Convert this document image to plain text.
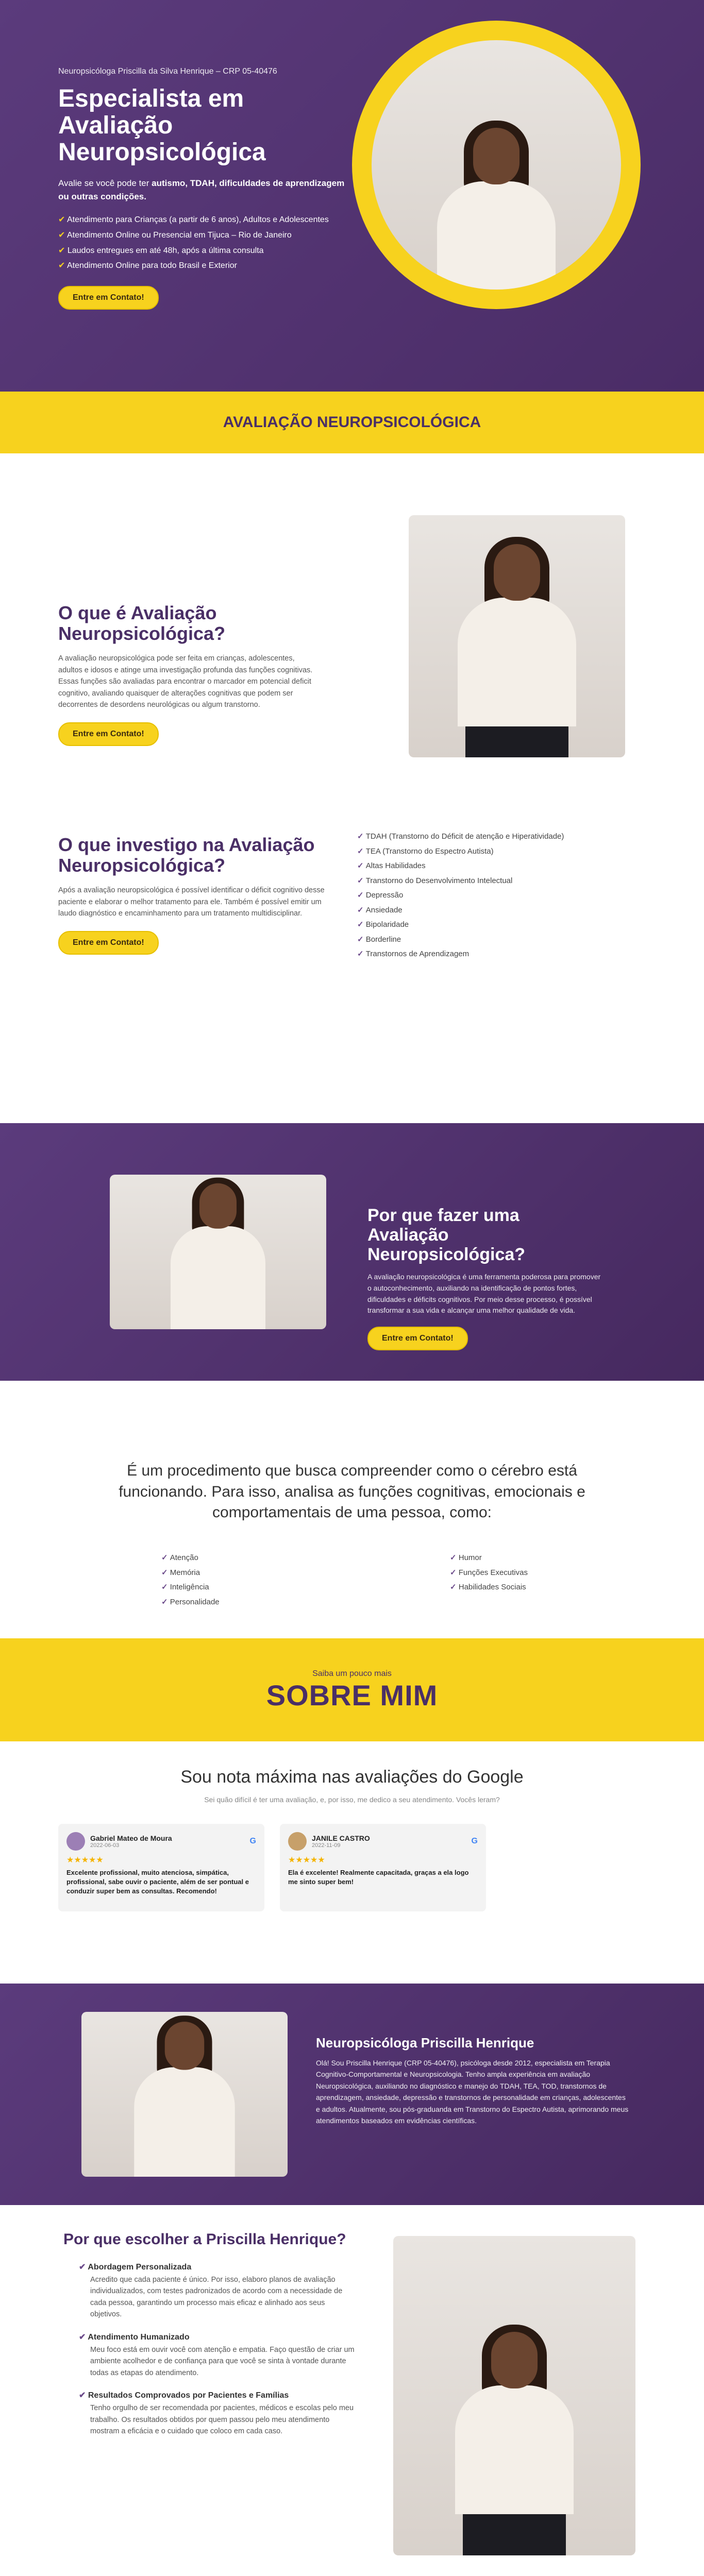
Neuropsicóloga Priscilla da Silva Henrique – CRP 05-40476

Especialista em Avaliação Neuropsicológica

Avalie se você pode ter autismo, TDAH, dificuldades de aprendizagem ou outras condições.

✔ Atendimento para Crianças (a partir de 6 anos), Adultos e Adolescentes
✔ Atendimento Online ou Presencial em Tijuca – Rio de Janeiro
✔ Laudos entregues em até 48h, após a última consulta
✔ Atendimento Online para todo Brasil e Exterior
Entre em Contato!
AVALIAÇÃO NEUROPSICOLÓGICA
O que é Avaliação Neuropsicológica?

A avaliação neuropsicológica pode ser feita em crianças, adolescentes, adultos e idosos e atinge uma investigação profunda das funções cognitivas. Essas funções são avaliadas para encontrar o marcador em potencial deficit cognitivo, avaliando quaisquer de alterações cognitivas que podem ser decorrentes de desordens neurológicas ou algum transtorno.

Entre em Contato!
O que investigo na Avaliação Neuropsicológica?

Após a avaliação neuropsicológica é possível identificar o déficit cognitivo desse paciente e elaborar o melhor tratamento para ele. Também é possível emitir um laudo diagnóstico e encaminhamento para um tratamento multidisciplinar.

Entre em Contato!
✓ TDAH (Transtorno do Déficit de atenção e Hiperatividade)
✓ TEA (Transtorno do Espectro Autista)
✓ Altas Habilidades
✓ Transtorno do Desenvolvimento Intelectual
✓ Depressão
✓ Ansiedade
✓ Bipolaridade
✓ Borderline
✓ Transtornos de Aprendizagem
Por que fazer uma Avaliação Neuropsicológica?

A avaliação neuropsicológica é uma ferramenta poderosa para promover o autoconhecimento, auxiliando na identificação de pontos fortes, dificuldades e déficits cognitivos. Por meio desse processo, é possível transformar a sua vida e alcançar uma melhor qualidade de vida.

Entre em Contato!
É um procedimento que busca compreender como o cérebro está funcionando. Para isso, analisa as funções cognitivas, emocionais e comportamentais de uma pessoa, como:
✓ Atenção
✓ Memória
✓ Inteligência
✓ Personalidade
✓ Humor
✓ Funções Executivas
✓ Habilidades Sociais

Saiba um pouco mais

SOBRE MIM
Sou nota máxima nas avaliações do Google

Sei quão difícil é ter uma avaliação, e, por isso, me dedico a seu atendimento. Vocês leram?

Gabriel Mateo de Moura

2022-06-03	G

★★★★★

Excelente profissional, muito atenciosa, simpática, profissional, sabe ouvir o paciente, além de ser pontual e conduzir super bem as consultas. Recomendo!

JANILE CASTRO

2022-11-09	G

★★★★★

Ela é excelente! Realmente capacitada, graças a ela logo me sinto super bem!

Neuropsicóloga Priscilla Henrique

Olá! Sou Priscilla Henrique (CRP 05-40476), psicóloga desde 2012, especialista em Terapia Cognitivo-Comportamental e Neuropsicologia. Tenho ampla experiência em avaliação Neuropsicológica, auxiliando no diagnóstico e manejo do TDAH, TEA, TOD, transtornos de aprendizagem, ansiedade, depressão e transtornos de personalidade em crianças, adolescentes e adultos. Atualmente, sou pós-graduanda em Transtorno do Espectro Autista, aprimorando meus atendimentos baseados em evidências científicas.

Por que escolher a Priscilla Henrique?

✔ Abordagem Personalizada

Acredito que cada paciente é único. Por isso, elaboro planos de avaliação individualizados, com testes padronizados de acordo com a necessidade de cada pessoa, garantindo um processo mais eficaz e alinhado aos seus objetivos.

✔ Atendimento Humanizado

Meu foco está em ouvir você com atenção e empatia. Faço questão de criar um ambiente acolhedor e de confiança para que você se sinta à vontade durante todas as etapas do atendimento.

✔ Resultados Comprovados por Pacientes e Famílias

Tenho orgulho de ser recomendada por pacientes, médicos e escolas pelo meu trabalho. Os resultados obtidos por quem passou pelo meu atendimento mostram a eficácia e o cuidado que coloco em cada caso.
